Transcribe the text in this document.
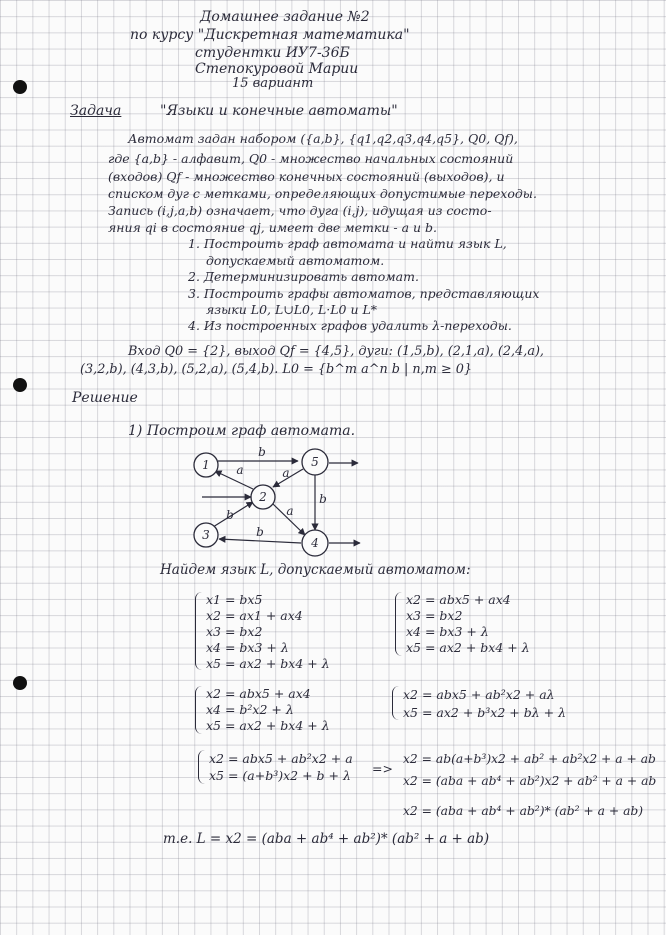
Домашнее задание №2
по курсу "Дискретная математика"
студентки ИУ7-36Б
Степокуровой Марии
15 вариант
Задача	"Языки и конечные автоматы"
Автомат задан набором ({a,b}, {q1,q2,q3,q4,q5}, Q0, Qf),
где {a,b} - алфавит, Q0 - множество начальных состояний
(входов) Qf - множество конечных состояний (выходов), и
списком дуг с метками, определяющих допустимые переходы.
Запись (i,j,a,b) означает, что дуга (i,j), идущая из состо-
яния qi в состояние qj, имеет две метки - a и b.
1. Построить граф автомата и найти язык L,
допускаемый автоматом.
2. Детерминизировать автомат.
3. Построить графы автоматов, представляющих
языки L0, L∪L0, L·L0 и L*
4. Из построенных графов удалить λ-переходы.
Вход Q0 = {2}, выход Qf = {4,5}, дуги: (1,5,b), (2,1,a), (2,4,a),
(3,2,b), (4,3,b), (5,2,a), (5,4,b). L0 = {b^m a^n b | n,m ≥ 0}
Решение
1) Построим граф автомата.
1
2
3
4
5
b
a	a
b
b	a
b
Найдем язык L, допускаемый автоматом:
x1 = bx5
x2 = ax1 + ax4
x3 = bx2
x4 = bx3 + λ
x5 = ax2 + bx4 + λ
x2 = abx5 + ax4
x3 = bx2
x4 = bx3 + λ
x5 = ax2 + bx4 + λ
x2 = abx5 + ax4
x4 = b²x2 + λ
x5 = ax2 + bx4 + λ
x2 = abx5 + ab²x2 + aλ
x5 = ax2 + b³x2 + bλ + λ
x2 = abx5 + ab²x2 + a
x5 = (a+b³)x2 + b + λ =>
x2 = ab(a+b³)x2 + ab² + ab²x2 + a + ab
x2 = (aba + ab⁴ + ab²)x2 + ab² + a + ab
x2 = (aba + ab⁴ + ab²)* (ab² + a + ab)
т.е. L = x2 = (aba + ab⁴ + ab²)* (ab² + a + ab)
